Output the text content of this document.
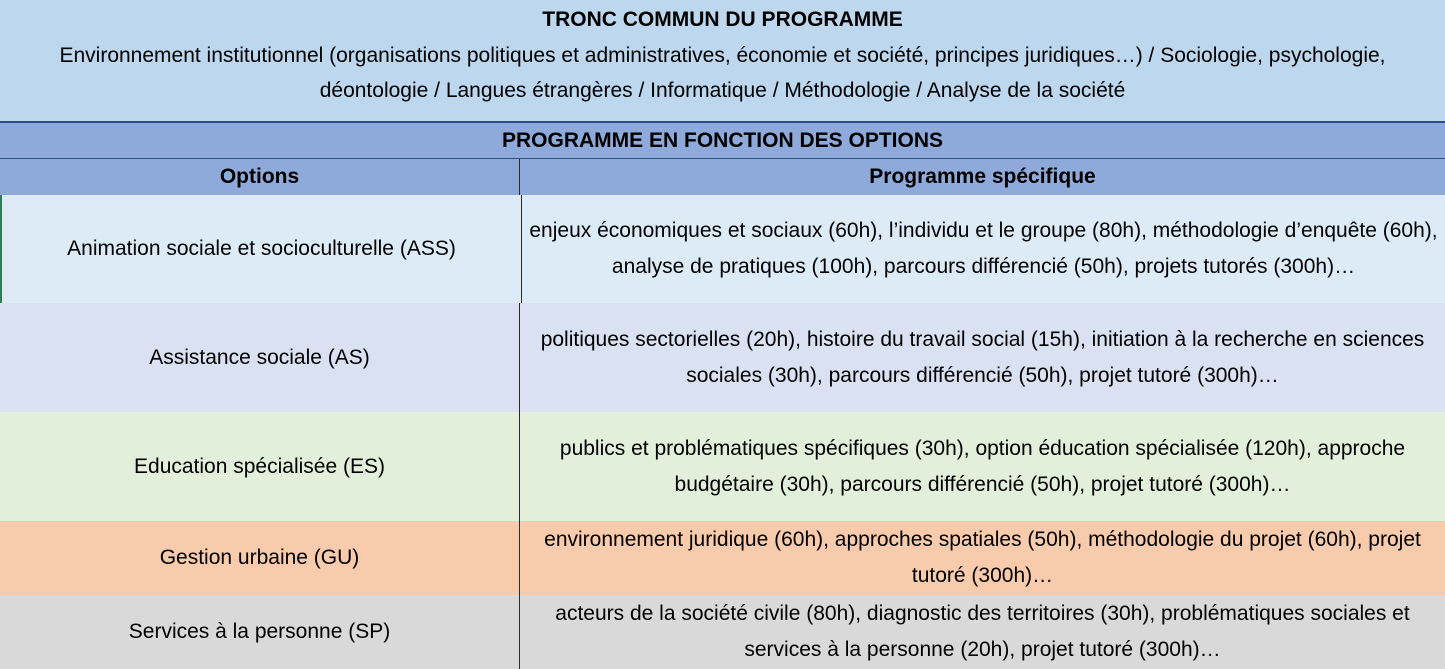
TRONC COMMUN DU PROGRAMME
Environnement institutionnel (organisations politiques et administratives, économie et société, principes juridiques…) / Sociologie, psychologie, déontologie / Langues étrangères / Informatique / Méthodologie / Analyse de la société
PROGRAMME EN FONCTION DES OPTIONS
Options	Programme spécifique
Animation sociale et socioculturelle (ASS)
enjeux économiques et sociaux (60h), l’individu et le groupe (80h), méthodologie d’enquête (60h), analyse de pratiques (100h), parcours différencié (50h), projets tutorés (300h)…
Assistance sociale (AS)
politiques sectorielles (20h), histoire du travail social (15h), initiation à la recherche en sciences sociales (30h), parcours différencié (50h), projet tutoré (300h)…
Education spécialisée (ES)
publics et problématiques spécifiques (30h), option éducation spécialisée (120h), approche budgétaire (30h), parcours différencié (50h), projet tutoré (300h)…
Gestion urbaine (GU)
environnement juridique (60h), approches spatiales (50h), méthodologie du projet (60h), projet tutoré (300h)…
Services à la personne (SP)
acteurs de la société civile (80h), diagnostic des territoires (30h), problématiques sociales et services à la personne (20h), projet tutoré (300h)…
